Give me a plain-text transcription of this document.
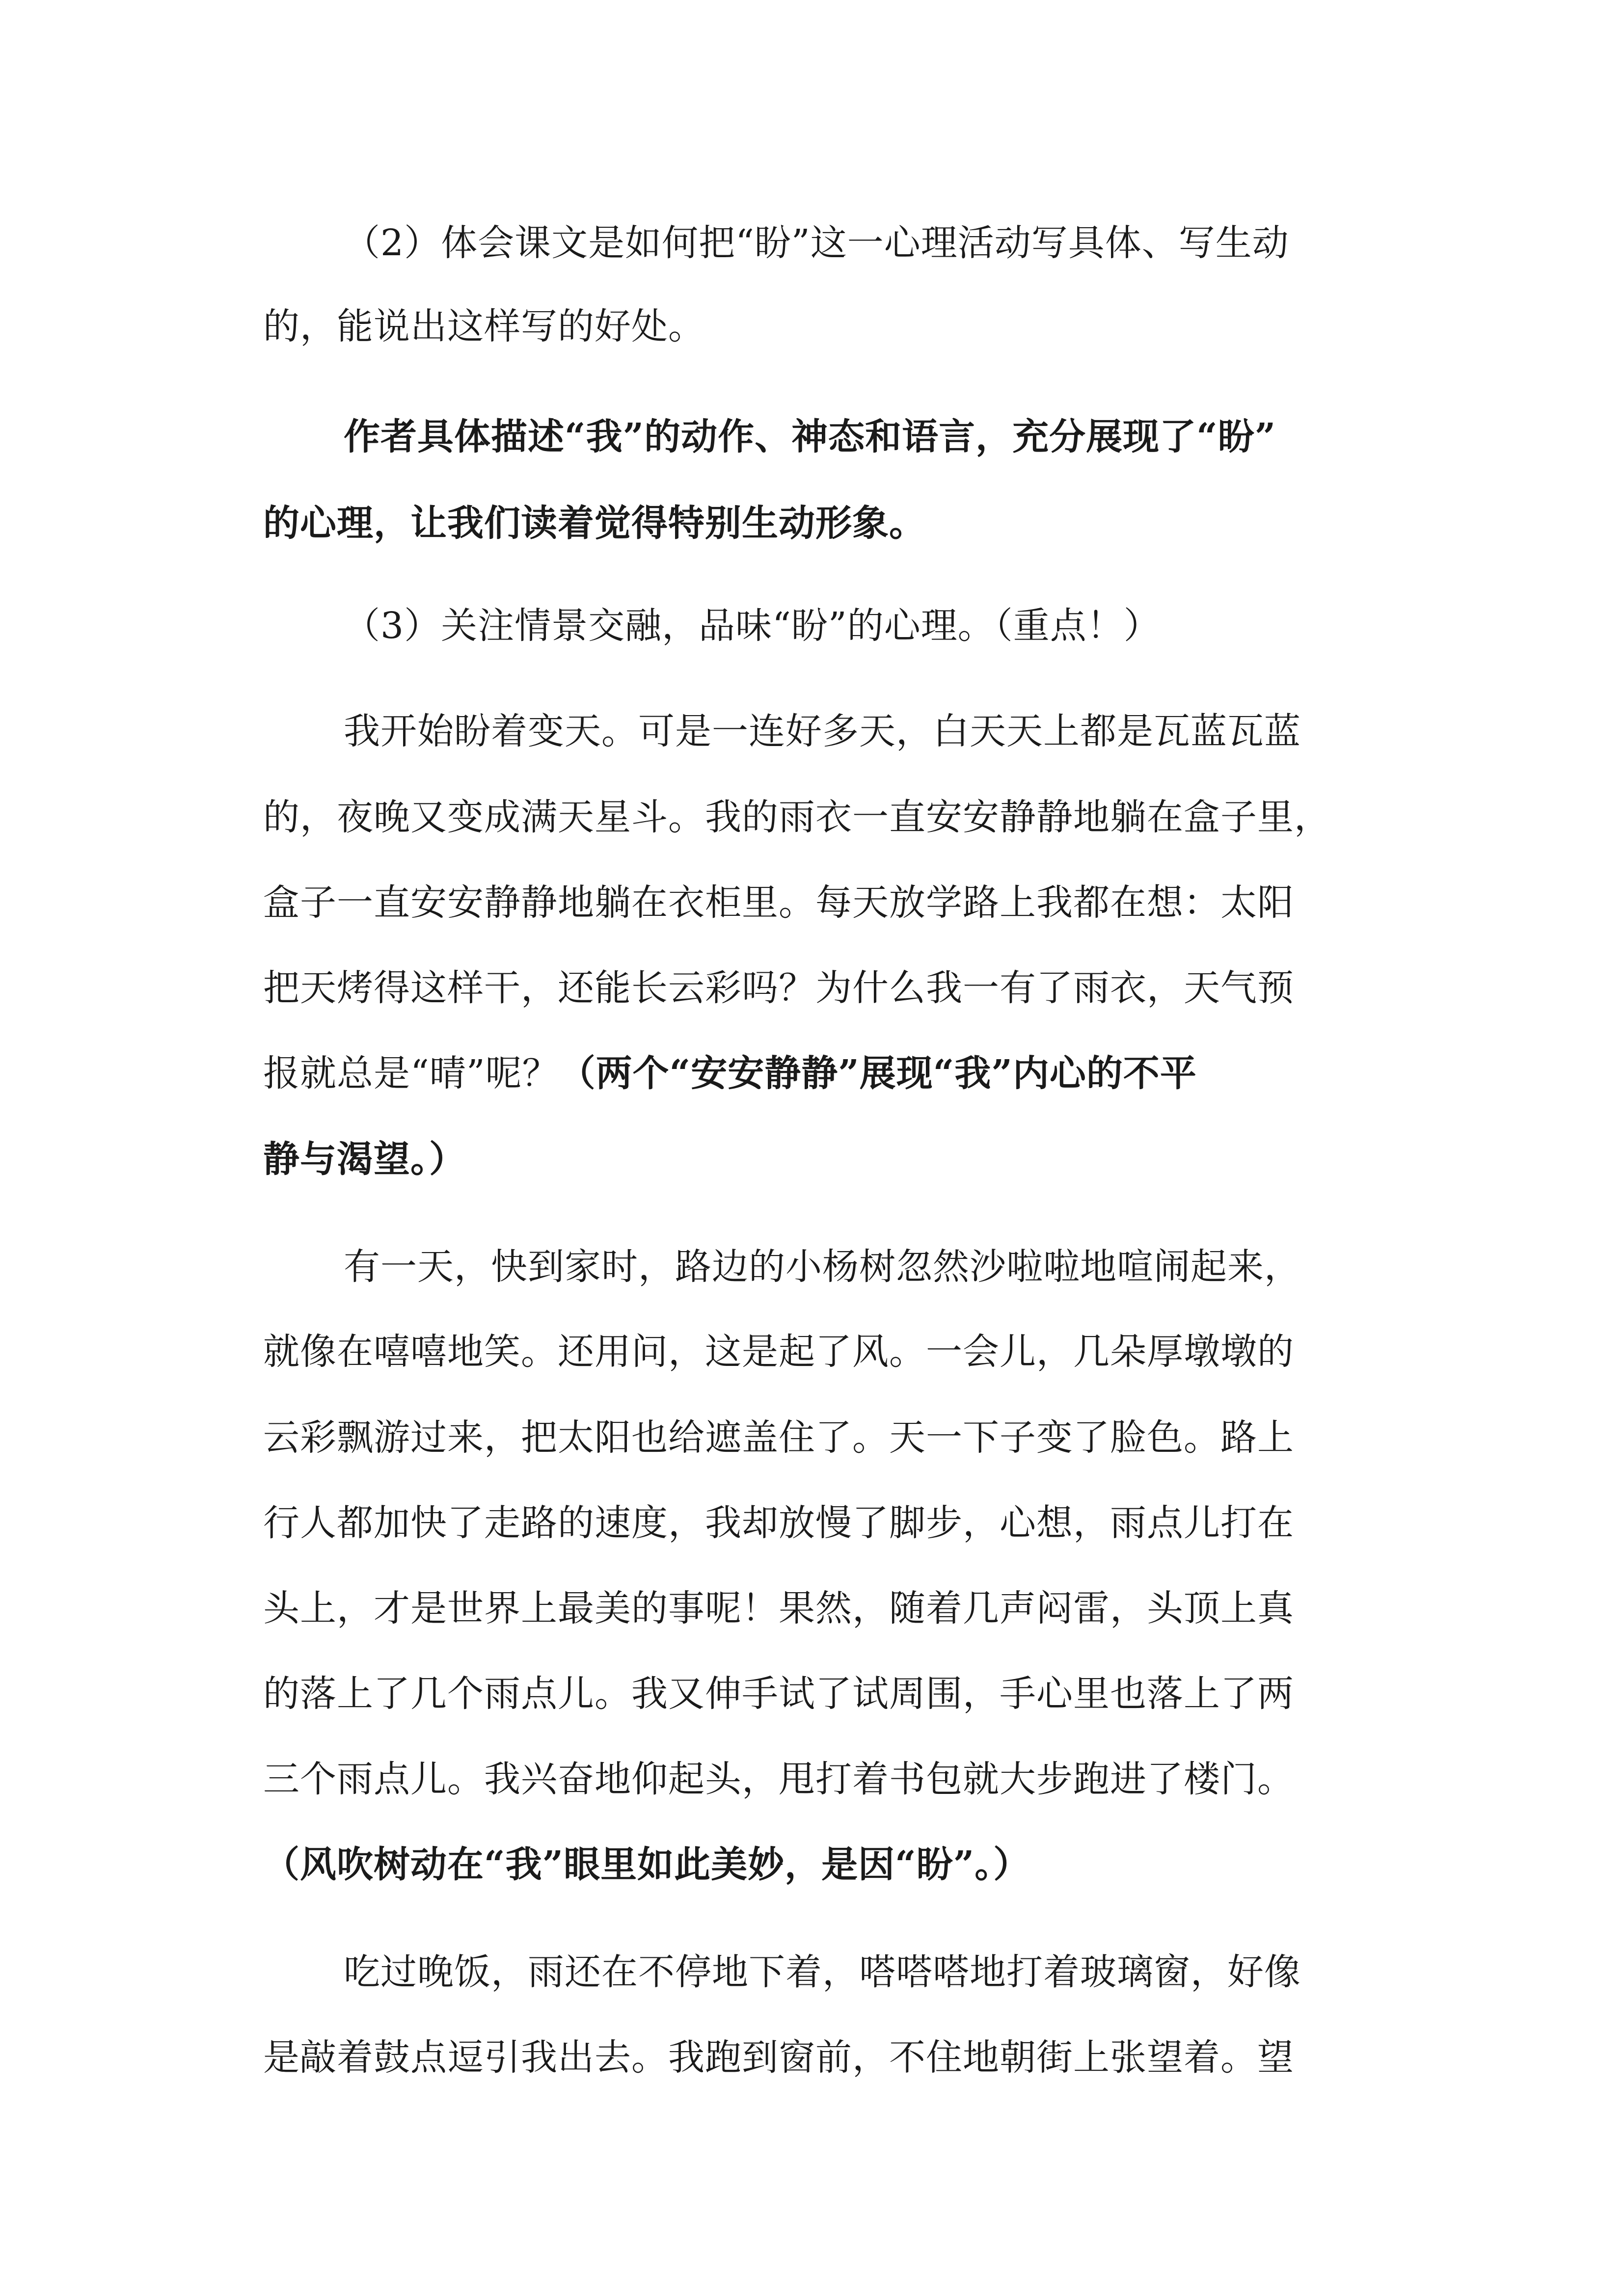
（2）体会课文是如何把“盼”这一心理活动写具体、写生动
的，能说出这样写的好处。
作者具体描述“我”的动作、神态和语言，充分展现了“盼”
的心理，让我们读着觉得特别生动形象。
（3）关注情景交融，品味“盼”的心理。（重点！）
我开始盼着变天。可是一连好多天，白天天上都是瓦蓝瓦蓝
的，夜晚又变成满天星斗。我的雨衣一直安安静静地躺在盒子里，
盒子一直安安静静地躺在衣柜里。每天放学路上我都在想：太阳
把天烤得这样干，还能长云彩吗？为什么我一有了雨衣，天气预
报就总是“晴”呢？（两个“安安静静”展现“我”内心的不平
静与渴望。）
有一天，快到家时，路边的小杨树忽然沙啦啦地喧闹起来，
就像在嘻嘻地笑。还用问，这是起了风。一会儿，几朵厚墩墩的
云彩飘游过来，把太阳也给遮盖住了。天一下子变了脸色。路上
行人都加快了走路的速度，我却放慢了脚步，心想，雨点儿打在
头上，才是世界上最美的事呢！果然，随着几声闷雷，头顶上真
的落上了几个雨点儿。我又伸手试了试周围，手心里也落上了两
三个雨点儿。我兴奋地仰起头，甩打着书包就大步跑进了楼门。
（风吹树动在“我”眼里如此美妙，是因“盼”。）
吃过晚饭，雨还在不停地下着，嗒嗒嗒地打着玻璃窗，好像
是敲着鼓点逗引我出去。我跑到窗前，不住地朝街上张望着。望
